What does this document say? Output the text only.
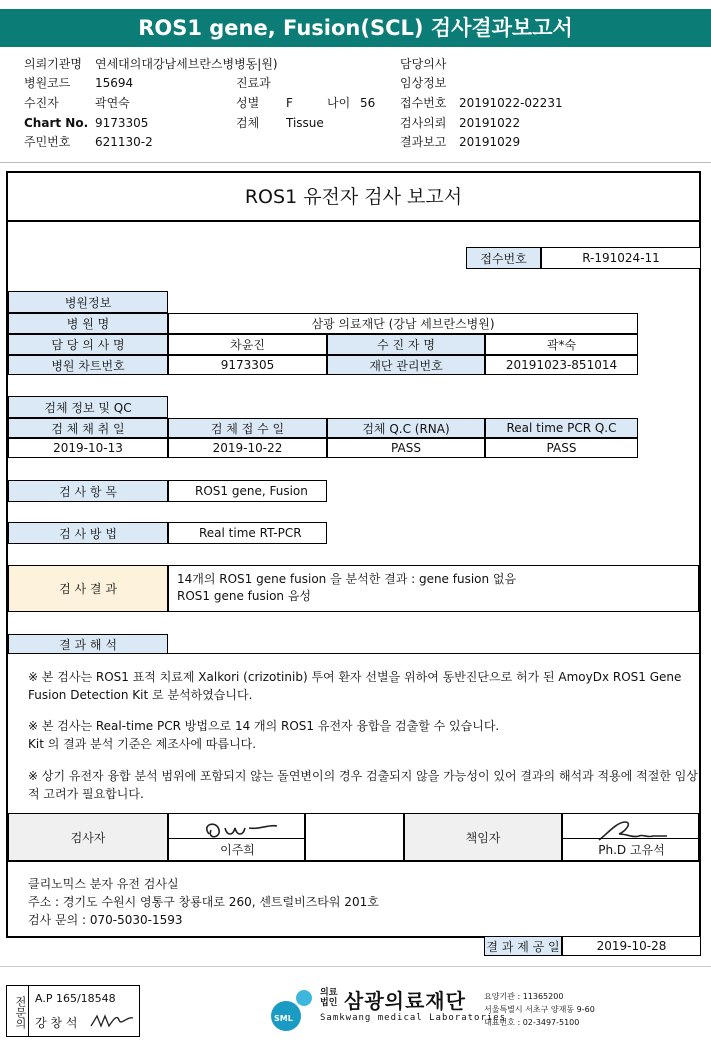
ROS1 gene, Fusion(SCL) 검사결과보고서
의뢰기관명 연세대의대강남세브란스병병동|원)
병원코드 15694
수진자	곽연숙
Chart No. 9173305
주민번호 621130-2
진료과
성별 F	나이 56
검체 Tissue
담당의사
임상정보
접수번호 20191022-02231
검사의뢰 20191022
결과보고 20191029
ROS1 유전자 검사 보고서
접수번호	R-191024-11
병원정보
병 원 명	삼광 의료재단 (강남 세브란스병원)
담 당 의 사 명	차윤진	수 진 자 명	곽*숙
병원 차트번호	9173305	재단 관리번호	20191023-851014
검체 정보 및 QC
검 체 채 취 일	검 체 접 수 일	검체 Q.C (RNA)	Real time PCR Q.C
2019-10-13	2019-10-22	PASS	PASS
검 사 항 목	ROS1 gene, Fusion
검 사 방 법	Real time RT-PCR
검 사 결 과
14개의 ROS1 gene fusion 을 분석한 결과 : gene fusion 없음
ROS1 gene fusion 음성
결 과 해 석
※ 본 검사는 ROS1 표적 치료제 Xalkori (crizotinib) 투여 환자 선별을 위하여 동반진단으로 허가 된 AmoyDx ROS1 Gene
Fusion Detection Kit 로 분석하였습니다.
※ 본 검사는 Real-time PCR 방법으로 14 개의 ROS1 유전자 융합을 검출할 수 있습니다.
Kit 의 결과 분석 기준은 제조사에 따릅니다.
※ 상기 유전자 융합 분석 범위에 포함되지 않는 돌연변이의 경우 검출되지 않을 가능성이 있어 결과의 해석과 적용에 적절한 임상
적 고려가 필요합니다.
검사자
이주희
책임자
Ph.D 고유석
클리노믹스 분자 유전 검사실
주소 : 경기도 수원시 영통구 창룡대로 260, 센트럴비즈타워 201호
검사 문의 : 070-5030-1593
결 과 제 공 일	2019-10-28
전문의 A.P 165/18548
강 창 석	SML
의료
법인 삼광의료재단
Samkwang medical Laboratories
요양기관 : 11365200
서울특별시 서초구 양재동 9-60
대표번호 : 02-3497-5100
